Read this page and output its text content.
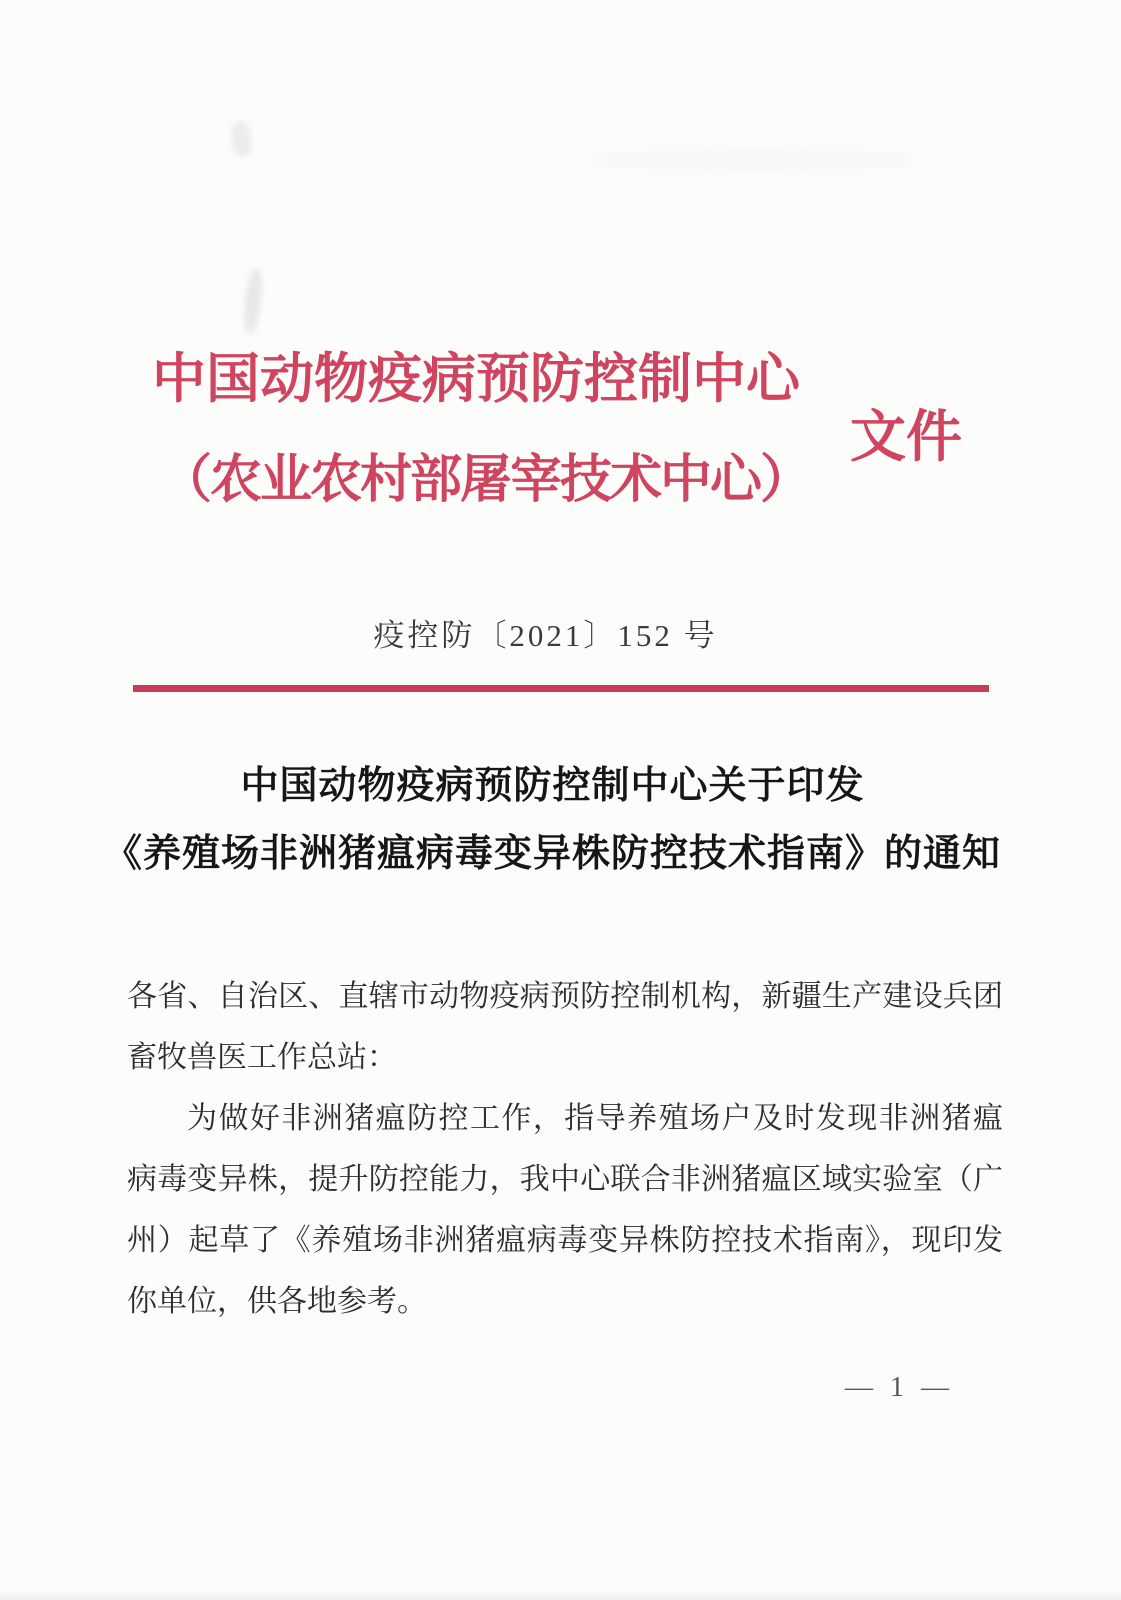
中国动物疫病预防控制中心
（农业农村部屠宰技术中心）
文件
疫控防〔2021〕152 号
中国动物疫病预防控制中心关于印发
《养殖场非洲猪瘟病毒变异株防控技术指南》的通知
各省、自治区、直辖市动物疫病预防控制机构，新疆生产建设兵团
畜牧兽医工作总站：
为做好非洲猪瘟防控工作，指导养殖场户及时发现非洲猪瘟
病毒变异株，提升防控能力，我中心联合非洲猪瘟区域实验室（广
州）起草了《养殖场非洲猪瘟病毒变异株防控技术指南》，现印发
你单位，供各地参考。
— 1 —
